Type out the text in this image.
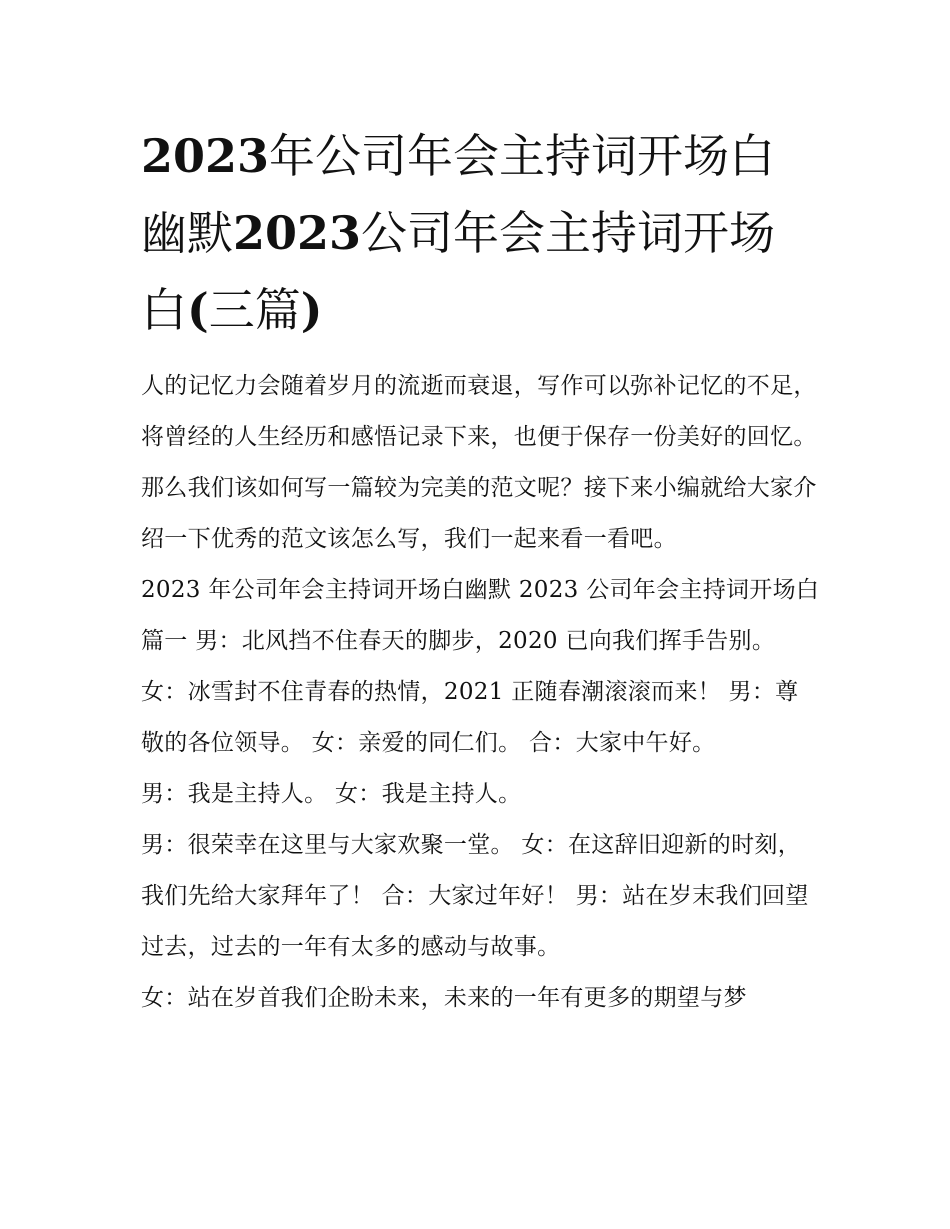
2023年公司年会主持词开场白幽默2023公司年会主持词开场白(三篇)

人的记忆力会随着岁月的流逝而衰退，写作可以弥补记忆的不足，将曾经的人生经历和感悟记录下来，也便于保存一份美好的回忆。那么我们该如何写一篇较为完美的范文呢？接下来小编就给大家介绍一下优秀的范文该怎么写，我们一起来看一看吧。

2023 年公司年会主持词开场白幽默 2023 公司年会主持词开场白篇一 男：北风挡不住春天的脚步，2020 已向我们挥手告别。

女：冰雪封不住青春的热情，2021 正随春潮滚滚而来！ 男：尊敬的各位领导。 女：亲爱的同仁们。 合：大家中午好。

男：我是主持人。 女：我是主持人。

男：很荣幸在这里与大家欢聚一堂。 女：在这辞旧迎新的时刻，我们先给大家拜年了！ 合：大家过年好！ 男：站在岁末我们回望过去，过去的一年有太多的感动与故事。

女：站在岁首我们企盼未来，未来的一年有更多的期望与梦
